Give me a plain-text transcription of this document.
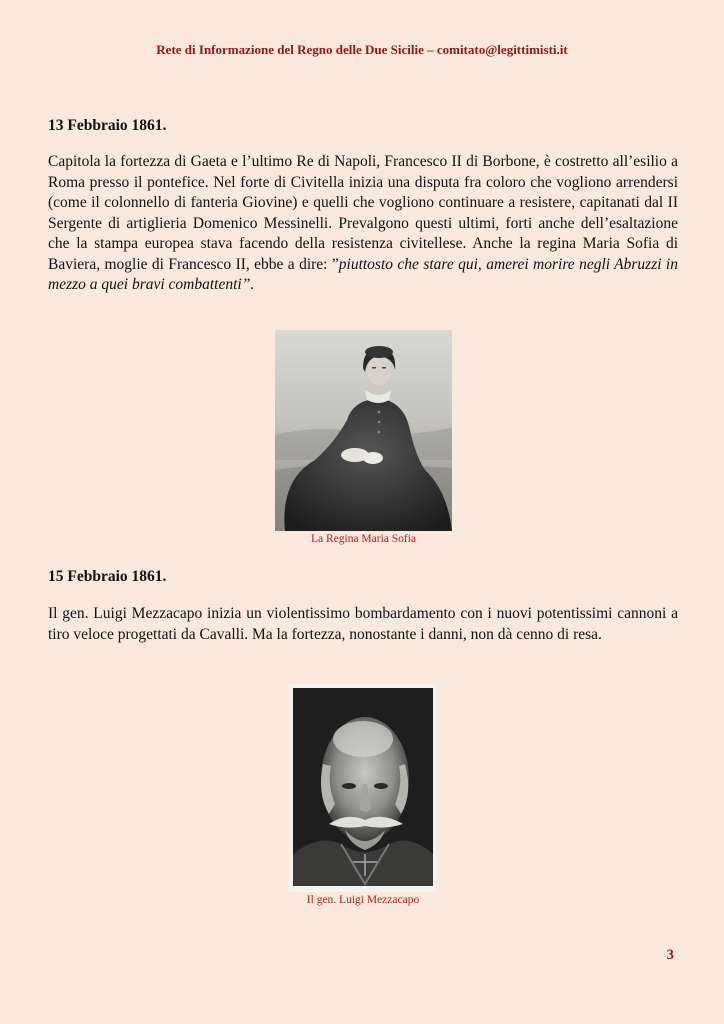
Rete di Informazione del Regno delle Due Sicilie – comitato@legittimisti.it
13 Febbraio 1861.

Capitola la fortezza di Gaeta e l’ultimo Re di Napoli, Francesco II di Borbone, è costretto all’esilio a Roma presso il pontefice. Nel forte di Civitella inizia una disputa fra coloro che vogliono arrendersi (come il colonnello di fanteria Giovine) e quelli che vogliono continuare a resistere, capitanati dal II Sergente di artiglieria Domenico Messinelli. Prevalgono questi ultimi, forti anche dell’esaltazione che la stampa europea stava facendo della resistenza civitellese. Anche la regina Maria Sofia di Baviera, moglie di Francesco II, ebbe a dire: ”piuttosto che stare qui, amerei morire negli Abruzzi in mezzo a quei bravi combattenti”.

La Regina Maria Sofia
15 Febbraio 1861.

Il gen. Luigi Mezzacapo inizia un violentissimo bombardamento con i nuovi potentissimi cannoni a tiro veloce progettati da Cavalli. Ma la fortezza, nonostante i danni, non dà cenno di resa.

Il gen. Luigi Mezzacapo
3
